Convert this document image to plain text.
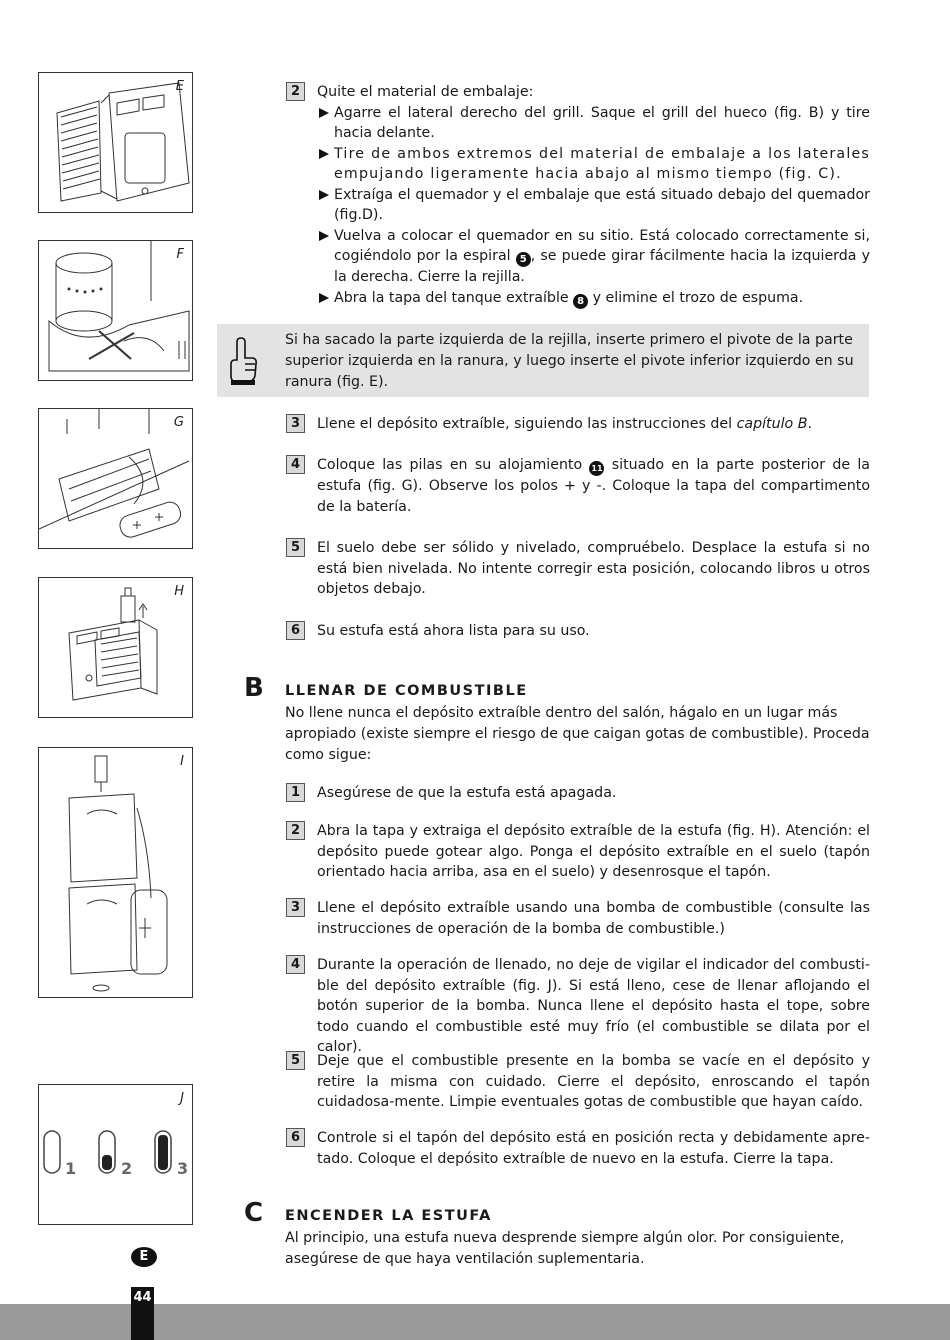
E
F
G
H
I
J
1	2	3
2	Quite el material de embalaje:
Agarre el lateral derecho del grill. Saque el grill del hueco (fig. B) y tire hacia delante.
Tire de ambos extremos del material de embalaje a los laterales empujando ligeramente hacia abajo al mismo tiempo (fig. C).
Extraíga el quemador y el embalaje que está situado debajo del quemador (fig.D).
Vuelva a colocar el quemador en su sitio. Está colocado correctamente si, cogiéndolo por la espiral 5 , se puede girar fácilmente hacia la izquierda y la derecha. Cierre la rejilla.
Abra la tapa del tanque extraíble 8 y elimine el trozo de espuma.
Si ha sacado la parte izquierda de la rejilla, inserte primero el pivote de la parte superior izquierda en la ranura, y luego inserte el pivote inferior izquierdo en su ranura (fig. E).
3	Llene el depósito extraíble, siguiendo las instrucciones del capítulo B.
4	Coloque las pilas en su alojamiento 11 situado en la parte posterior de la estufa (fig. G). Observe los polos + y -. Coloque la tapa del compartimento de la batería.
5	El suelo debe ser sólido y nivelado, compruébelo. Desplace la estufa si no está bien nivelada. No intente corregir esta posición, colocando libros u otros objetos debajo.
6	Su estufa está ahora lista para su uso.
B LLENAR DE COMBUSTIBLE
No llene nunca el depósito extraíble dentro del salón, hágalo en un lugar más apropiado (existe siempre el riesgo de que caigan gotas de combustible). Proceda como sigue:
1	Asegúrese de que la estufa está apagada.
2	Abra la tapa y extraiga el depósito extraíble de la estufa (fig. H). Atención: el depósito puede gotear algo. Ponga el depósito extraíble en el suelo (tapón orientado hacia arriba, asa en el suelo) y desenrosque el tapón.
3	Llene el depósito extraíble usando una bomba de combustible (consulte las instrucciones de operación de la bomba de combustible.)
4	Durante la operación de llenado, no deje de vigilar el indicador del combusti-ble del depósito extraíble (fig. J). Si está lleno, cese de llenar aflojando el botón superior de la bomba. Nunca llene el depósito hasta el tope, sobre todo cuando el combustible esté muy frío (el combustible se dilata por el calor).
5	Deje que el combustible presente en la bomba se vacíe en el depósito y retire la misma con cuidado. Cierre el depósito, enroscando el tapón cuidadosa-mente. Limpie eventuales gotas de combustible que hayan caído.
6	Controle si el tapón del depósito está en posición recta y debidamente apre-tado. Coloque el depósito extraíble de nuevo en la estufa. Cierre la tapa.
C ENCENDER LA ESTUFA
Al principio, una estufa nueva desprende siempre algún olor. Por consiguiente, asegúrese de que haya ventilación suplementaria.
E
44
